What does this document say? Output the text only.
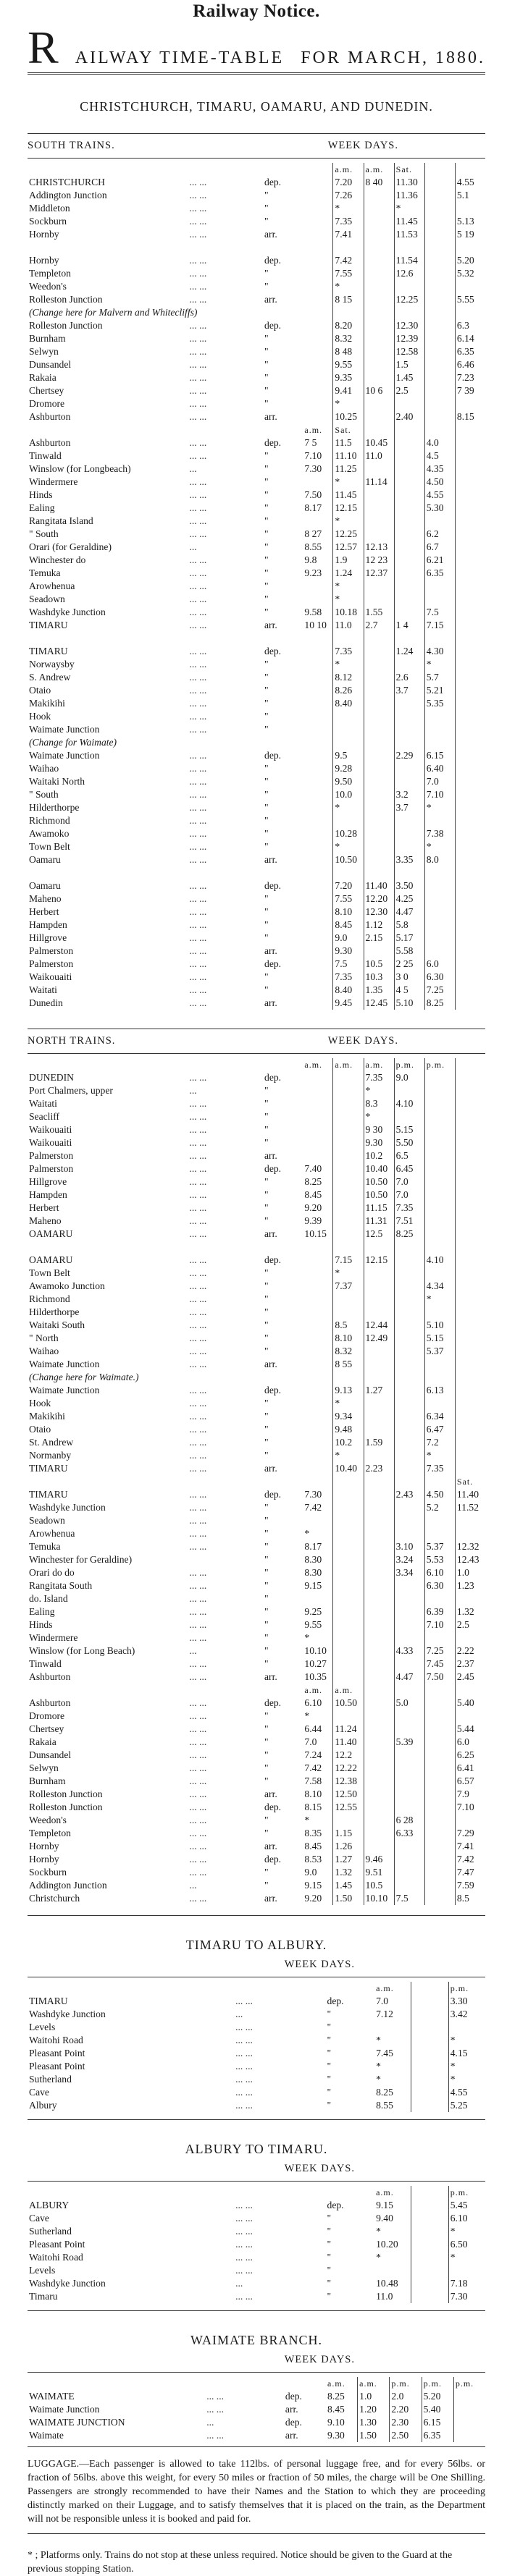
Railway Notice.
R AILWAY TIME-TABLE FOR MARCH, 1880.
CHRISTCHURCH, TIMARU, OAMARU, AND DUNEDIN.
SOUTH TRAINS.	WEEK DAYS.
				a.m.	a.m.	Sat.		
CHRISTCHURCH	... ...	dep.		7.20	8 40	11.30		4.55
Addington Junction	... ...	"		7.26		11.36		5.1
Middleton	... ...	"		*		*		
Sockburn	... ...	"		7.35		11.45		5.13
Hornby	... ...	arr.		7.41		11.53		5 19

Hornby	... ...	dep.		7.42		11.54		5.20
Templeton	... ...	"		7.55		12.6		5.32
Weedon's	... ...	"		*				
Rolleston Junction	... ...	arr.		8 15		12.25		5.55
(Change here for Malvern and Whitecliffs)								
Rolleston Junction	... ...	dep.		8.20		12.30		6.3
Burnham	... ...	"		8.32		12.39		6.14
Selwyn	... ...	"		8 48		12.58		6.35
Dunsandel	... ...	"		9.55		1.5		6.46
Rakaia	... ...	"		9.35		1.45		7.23
Chertsey	... ...	"		9.41	10 6	2.5		7 39
Dromore	... ...	"		*				
Ashburton	... ...	arr.		10.25		2.40		8.15
			a.m.	Sat.				
Ashburton	... ...	dep.	7 5	11.5	10.45		4.0	
Tinwald	... ...	"	7.10	11.10	11.0		4.5	
Winslow (for Longbeach)	...	"	7.30	11.25			4.35	
Windermere	... ...	"		*	11.14		4.50	
Hinds	... ...	"	7.50	11.45			4.55	
Ealing	... ...	"	8.17	12.15			5.30	
Rangitata Island	... ...	"		*				
" South	... ...	"	8 27	12.25			6.2	
Orari (for Geraldine)	...	"	8.55	12.57	12.13		6.7	
Winchester do	... ...	"	9.8	1.9	12 23		6.21	
Temuka	... ...	"	9.23	1.24	12.37		6.35	
Arowhenua	... ...	"		*				
Seadown	... ...	"		*				
Washdyke Junction	... ...	"	9.58	10.18	1.55		7.5	
TIMARU	... ...	arr.	10 10	11.0	2.7	1 4	7.15	

TIMARU	... ...	dep.		7.35		1.24	4.30	
Norwaysby	... ...	"		*			*	
S. Andrew	... ...	"		8.12		2.6	5.7	
Otaio	... ...	"		8.26		3.7	5.21	
Makikihi	... ...	"		8.40			5.35	
Hook	... ...	"						
Waimate Junction	... ...	"						
(Change for Waimate)								
Waimate Junction	... ...	dep.		9.5		2.29	6.15	
Waihao	... ...	"		9.28			6.40	
Waitaki North	... ...	"		9.50			7.0	
" South	... ...	"		10.0		3.2	7.10	
Hilderthorpe	... ...	"		*		3.7	*	
Richmond	... ...	"						
Awamoko	... ...	"		10.28			7.38	
Town Belt	... ...	"		*			*	
Oamaru	... ...	arr.		10.50		3.35	8.0	

Oamaru	... ...	dep.		7.20	11.40	3.50		
Maheno	... ...	"		7.55	12.20	4.25		
Herbert	... ...	"		8.10	12.30	4.47		
Hampden	... ...	"		8.45	1.12	5.8		
Hillgrove	... ...	"		9.0	2.15	5.17		
Palmerston	... ...	arr.		9.30		5.58		
Palmerston	... ...	dep.		7.5	10.5	2 25	6.0	
Waikouaiti	... ...	"		7.35	10.3	3 0	6.30	
Waitati	... ...	"		8.40	1.35	4 5	7.25	
Dunedin	... ...	arr.		9.45	12.45	5.10	8.25	
NORTH TRAINS.	WEEK DAYS.
			a.m.	a.m.	a.m.	p.m.	p.m.	
DUNEDIN	... ...	dep.			7.35	9.0		
Port Chalmers, upper	...	"			*			
Waitati	... ...	"			8.3	4.10		
Seacliff	... ...	"			*			
Waikouaiti	... ...	"			9 30	5.15		
Waikouaiti	... ...	"			9.30	5.50		
Palmerston	... ...	arr.			10.2	6.5		
Palmerston	... ...	dep.	7.40		10.40	6.45		
Hillgrove	... ...	"	8.25		10.50	7.0		
Hampden	... ...	"	8.45		10.50	7.0		
Herbert	... ...	"	9.20		11.15	7.35		
Maheno	... ...	"	9.39		11.31	7.51		
OAMARU	... ...	arr.	10.15		12.5	8.25		

OAMARU	... ...	dep.		7.15	12.15		4.10	
Town Belt	... ...	"		*				
Awamoko Junction	... ...	"		7.37			4.34	
Richmond	... ...	"					*	
Hilderthorpe	... ...	"						
Waitaki South	... ...	"		8.5	12.44		5.10	
" North	... ...	"		8.10	12.49		5.15	
Waihao	... ...	"		8.32			5.37	
Waimate Junction	... ...	arr.		8 55				
(Change here for Waimate.)								
Waimate Junction	... ...	dep.		9.13	1.27		6.13	
Hook	... ...	"		*				
Makikihi	... ...	"		9.34			6.34	
Otaio	... ...	"		9.48			6.47	
St. Andrew	... ...	"		10.2	1.59		7.2	
Normanby	... ...	"		*			*	
TIMARU	... ...	arr.		10.40	2.23		7.35	
								Sat.
TIMARU	... ...	dep.	7.30			2.43	4.50	11.40
Washdyke Junction	... ...	"	7.42				5.2	11.52
Seadown	... ...	"						
Arowhenua	... ...	"	*					
Temuka	... ...	"	8.17			3.10	5.37	12.32
Winchester for Geraldine)		"	8.30			3.24	5.53	12.43
Orari do do	... ...	"	8.30			3.34	6.10	1.0
Rangitata South	... ...	"	9.15				6.30	1.23
do. Island	... ...	"						
Ealing	... ...	"	9.25				6.39	1.32
Hinds	... ...	"	9.55				7.10	2.5
Windermere	... ...	"	*					
Winslow (for Long Beach)	...	"	10.10			4.33	7.25	2.22
Tinwald	... ...	"	10.27				7.45	2.37
Ashburton	... ...	arr.	10.35			4.47	7.50	2.45
			a.m.	a.m.				
Ashburton	... ...	dep.	6.10	10.50		5.0		5.40
Dromore	... ...	"	*					
Chertsey	... ...	"	6.44	11.24				5.44
Rakaia	... ...	"	7.0	11.40		5.39		6.0
Dunsandel	... ...	"	7.24	12.2				6.25
Selwyn	... ...	"	7.42	12.22				6.41
Burnham	... ...	"	7.58	12.38				6.57
Rolleston Junction	... ...	arr.	8.10	12.50				7.9
Rolleston Junction	... ...	dep.	8.15	12.55				7.10
Weedon's	... ...	"	*			6 28		
Templeton	... ...	"	8.35	1.15		6.33		7.29
Hornby	... ...	arr.	8.45	1.26				7.41
Hornby	... ...	dep.	8.53	1.27	9.46			7.42
Sockburn	... ...	"	9.0	1.32	9.51			7.47
Addington Junction	...	"	9.15	1.45	10.5			7.59
Christchurch	... ...	arr.	9.20	1.50	10.10	7.5		8.5
TIMARU TO ALBURY.
WEEK DAYS.
			a.m.		p.m.
TIMARU	... ...	dep.	7.0		3.30
Washdyke Junction	...	"	7.12		3.42
Levels	... ...	"			
Waitohi Road	... ...	"	*		*
Pleasant Point	... ...	"	7.45		4.15
Pleasant Point	... ...	"	*		*
Sutherland	... ...	"	*		*
Cave	... ...	"	8.25		4.55
Albury	... ...	"	8.55		5.25
ALBURY TO TIMARU.
WEEK DAYS.
			a.m.		p.m.
ALBURY	... ...	dep.	9.15		5.45
Cave	... ...	"	9.40		6.10
Sutherland	... ...	"	*		*
Pleasant Point	... ...	"	10.20		6.50
Waitohi Road	... ...	"	*		*
Levels	... ...	"			
Washdyke Junction	...	"	10.48		7.18
Timaru	... ...	"	11.0		7.30
WAIMATE BRANCH.
WEEK DAYS.
			a.m.	a.m.	p.m.	p.m.	p.m.
WAIMATE	... ...	dep.	8.25	1.0	2.0	5.20	
Waimate Junction	... ...	arr.	8.45	1.20	2.20	5.40	
WAIMATE JUNCTION	...	dep.	9.10	1.30	2.30	6.15	
Waimate	... ...	arr.	9.30	1.50	2.50	6.35	
LUGGAGE.—Each passenger is allowed to take 112lbs. of personal luggage free, and for every 56lbs. or fraction of 56lbs. above this weight, for every 50 miles or fraction of 50 miles, the charge will be One Shilling. Passengers are strongly recommended to have their Names and the Station to which they are proceeding distinctly marked on their Luggage, and to satisfy themselves that it is placed on the train, as the Department will not be responsible unless it is booked and paid for.
* ; Platforms only. Trains do not stop at these unless required. Notice should be given to the Guard at the previous stopping Station.
